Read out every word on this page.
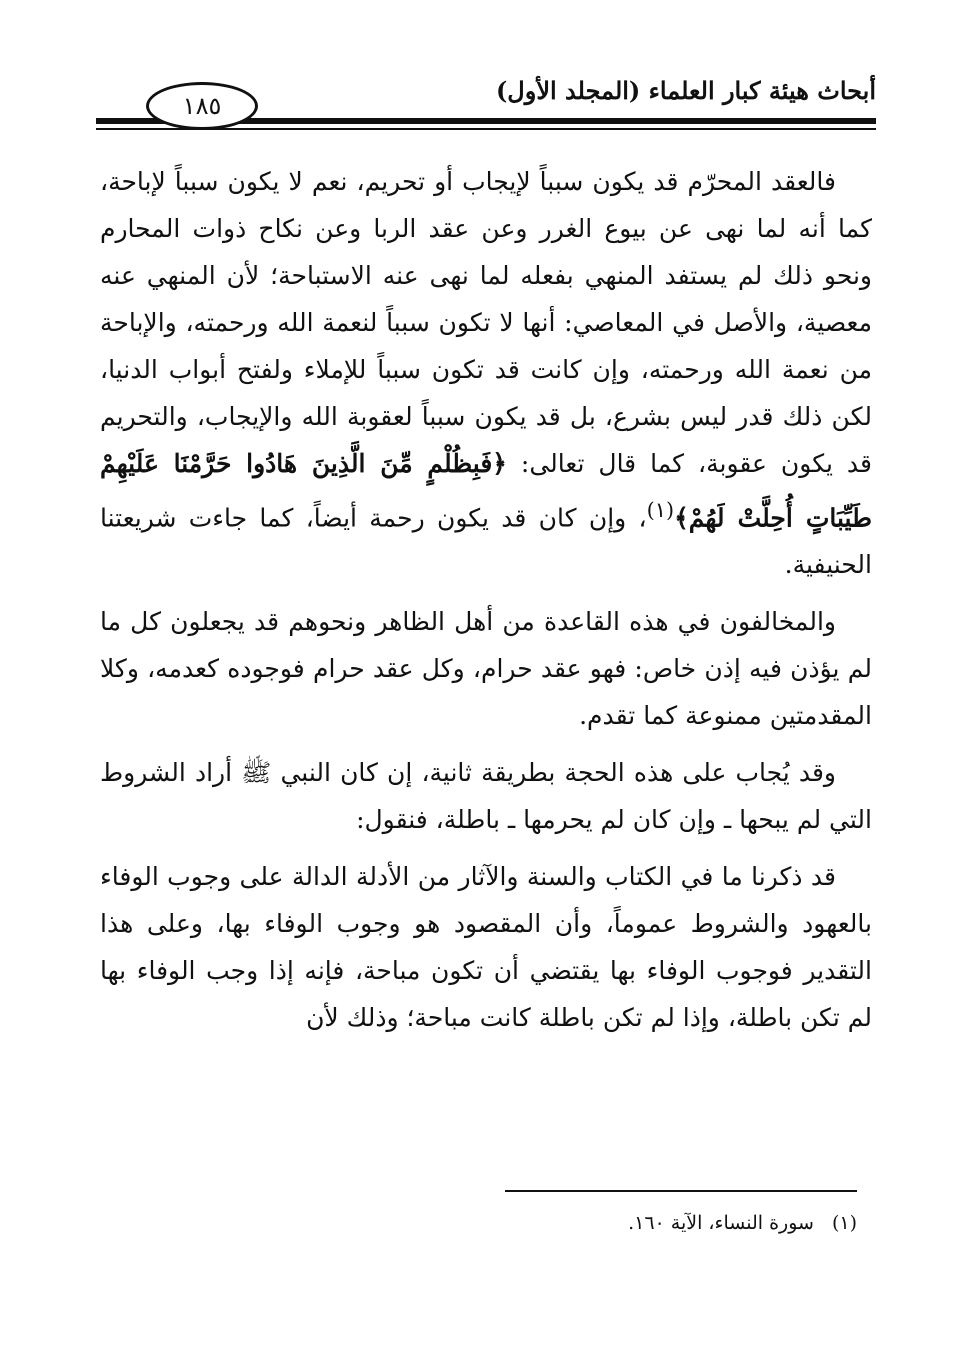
أبحاث هيئة كبار العلماء (المجلد الأول)
١٨٥

فالعقد المحرّم قد يكون سبباً لإيجاب أو تحريم، نعم لا يكون سبباً لإباحة، كما أنه لما نهى عن بيوع الغرر وعن عقد الربا وعن نكاح ذوات المحارم ونحو ذلك لم يستفد المنهي بفعله لما نهى عنه الاستباحة؛ لأن المنهي عنه معصية، والأصل في المعاصي: أنها لا تكون سبباً لنعمة الله ورحمته، والإباحة من نعمة الله ورحمته، وإن كانت قد تكون سبباً للإملاء ولفتح أبواب الدنيا، لكن ذلك قدر ليس بشرع، بل قد يكون سبباً لعقوبة الله والإيجاب، والتحريم قد يكون عقوبة، كما قال تعالى: ﴿فَبِظُلْمٍ مِّنَ الَّذِينَ هَادُوا حَرَّمْنَا عَلَيْهِمْ طَيِّبَاتٍ أُحِلَّتْ لَهُمْ﴾$^{(١)}$، وإن كان قد يكون رحمة أيضاً، كما جاءت شريعتنا الحنيفية.

والمخالفون في هذه القاعدة من أهل الظاهر ونحوهم قد يجعلون كل ما لم يؤذن فيه إذن خاص: فهو عقد حرام، وكل عقد حرام فوجوده كعدمه، وكلا المقدمتين ممنوعة كما تقدم.

وقد يُجاب على هذه الحجة بطريقة ثانية، إن كان النبي ﷺ أراد الشروط التي لم يبحها ـ وإن كان لم يحرمها ـ باطلة، فنقول:

قد ذكرنا ما في الكتاب والسنة والآثار من الأدلة الدالة على وجوب الوفاء بالعهود والشروط عموماً، وأن المقصود هو وجوب الوفاء بها، وعلى هذا التقدير فوجوب الوفاء بها يقتضي أن تكون مباحة، فإنه إذا وجب الوفاء بها لم تكن باطلة، وإذا لم تكن باطلة كانت مباحة؛ وذلك لأن

(١)سورة النساء، الآية ١٦٠.
